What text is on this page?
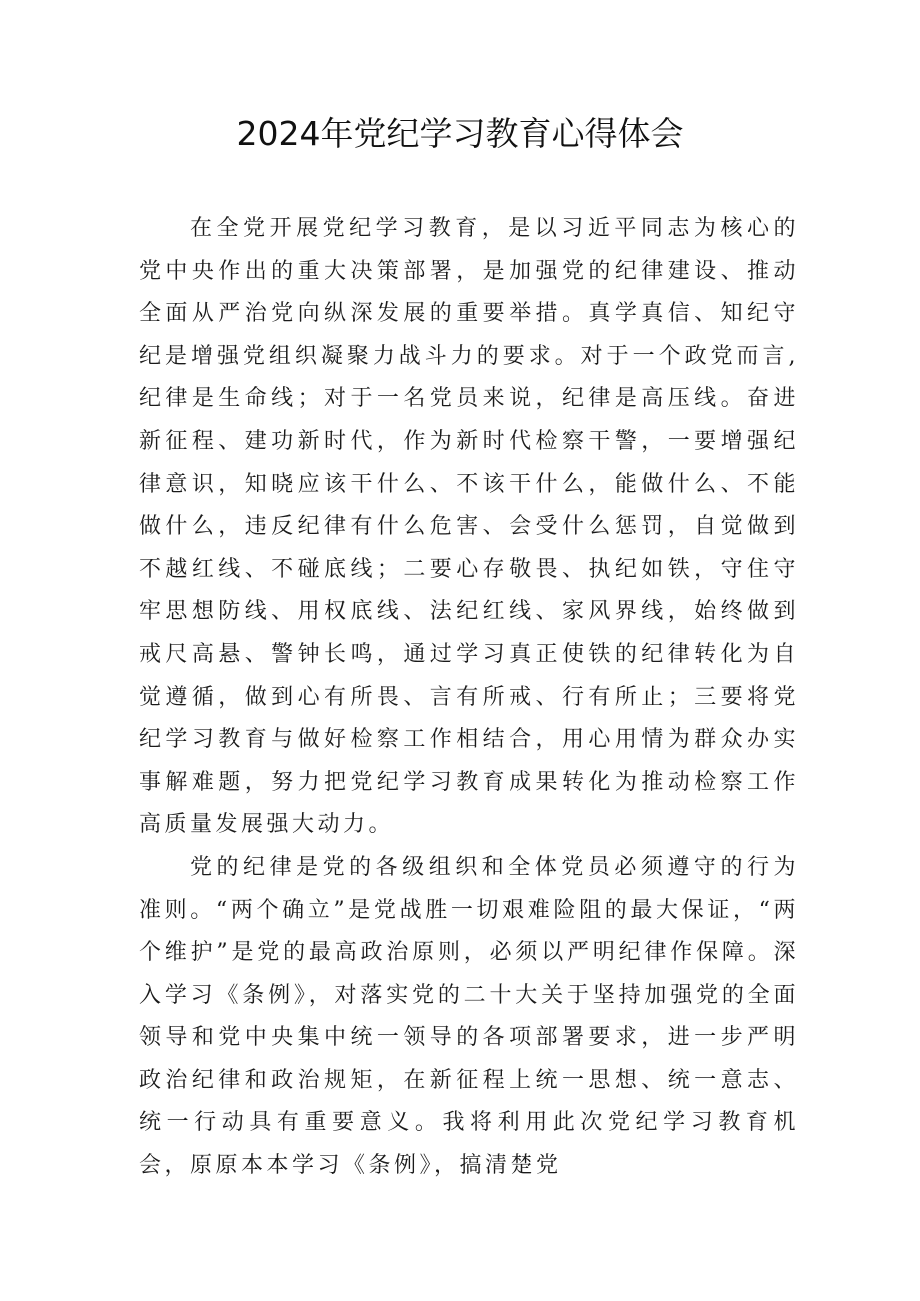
2024年党纪学习教育心得体会

在全党开展党纪学习教育，是以习近平同志为核心的党中央作出的重大决策部署，是加强党的纪律建设、推动全面从严治党向纵深发展的重要举措。真学真信、知纪守纪是增强党组织凝聚力战斗力的要求。对于一个政党而言,纪律是生命线；对于一名党员来说，纪律是高压线。奋进新征程、建功新时代，作为新时代检察干警，一要增强纪律意识，知晓应该干什么、不该干什么，能做什么、不能做什么，违反纪律有什么危害、会受什么惩罚，自觉做到不越红线、不碰底线；二要心存敬畏、执纪如铁，守住守牢思想防线、用权底线、法纪红线、家风界线，始终做到戒尺高悬、警钟长鸣，通过学习真正使铁的纪律转化为自觉遵循，做到心有所畏、言有所戒、行有所止；三要将党纪学习教育与做好检察工作相结合，用心用情为群众办实事解难题，努力把党纪学习教育成果转化为推动检察工作高质量发展强大动力。

党的纪律是党的各级组织和全体党员必须遵守的行为准则。“两个确立”是党战胜一切艰难险阻的最大保证，“两个维护”是党的最高政治原则，必须以严明纪律作保障。深入学习《条例》，对落实党的二十大关于坚持加强党的全面领导和党中央集中统一领导的各项部署要求，进一步严明政治纪律和政治规矩，在新征程上统一思想、统一意志、统一行动具有重要意义。我将利用此次党纪学习教育机会，原原本本学习《条例》，搞清楚党
